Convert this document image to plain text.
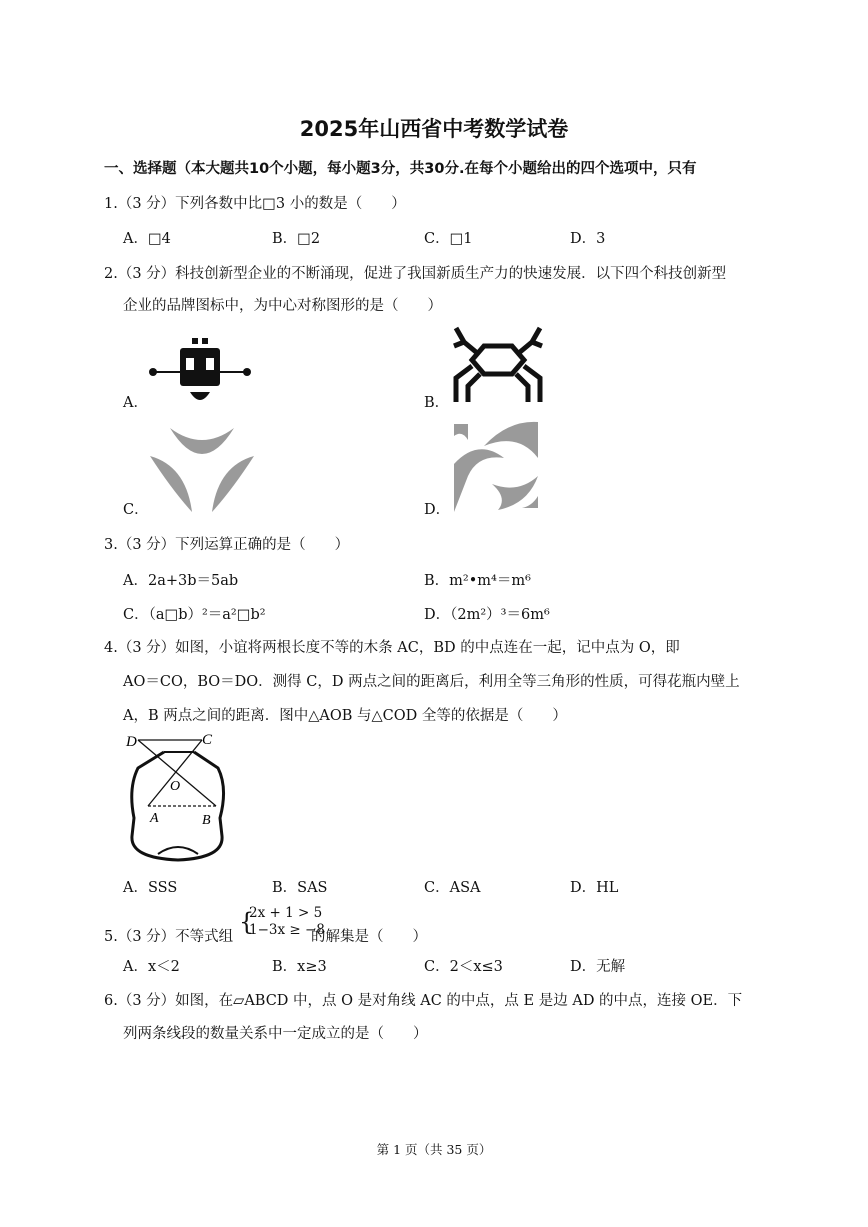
2025年山西省中考数学试卷
一、选择题（本大题共10个小题，每小题3分，共30分.在每个小题给出的四个选项中，只有
1.（3 分）下列各数中比□3 小的数是（　　）
A．□4	B．□2	C．□1	D．3
2.（3 分）科技创新型企业的不断涌现，促进了我国新质生产力的快速发展．以下四个科技创新型
企业的品牌图标中，为中心对称图形的是（　　）
A．	B．
C．	D．
3.（3 分）下列运算正确的是（　　）
A．2a+3b＝5ab	B．m²•m⁴＝m⁶
C．（a□b）²＝a²□b²	D．（2m²）³＝6m⁶
4.（3 分）如图，小谊将两根长度不等的木条 AC，BD 的中点连在一起，记中点为 O，即
AO＝CO，BO＝DO．测得 C，D 两点之间的距离后，利用全等三角形的性质，可得花瓶内壁上
A，B 两点之间的距离．图中△AOB 与△COD 全等的依据是（　　）
D	C
O
A	B
A．SSS	B．SAS	C．ASA	D．HL
5.（3 分）不等式组
{
2x + 1 > 5
1−3x ≥ −8
的解集是（　　）
A．x＜2	B．x≥3	C．2＜x≤3	D．无解
6.（3 分）如图，在▱ABCD 中，点 O 是对角线 AC 的中点，点 E 是边 AD 的中点，连接 OE．下
列两条线段的数量关系中一定成立的是（　　）
第 1 页（共 35 页）
